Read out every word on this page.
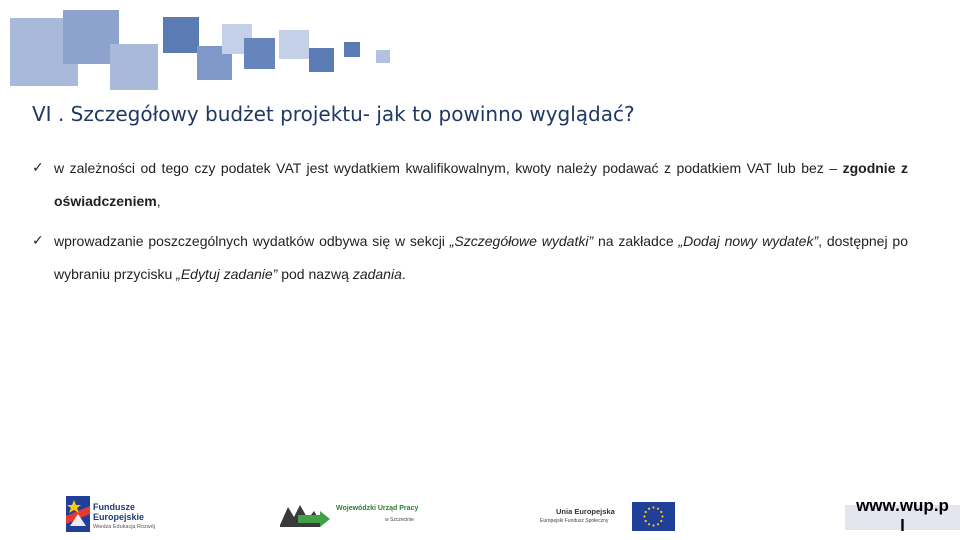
VI . Szczegółowy budżet projektu- jak to powinno wyglądać?
✓ w zależności od tego czy podatek VAT jest wydatkiem kwalifikowalnym, kwoty należy podawać z podatkiem VAT lub bez – zgodnie z oświadczeniem,
✓ wprowadzanie poszczególnych wydatków odbywa się w sekcji „Szczegółowe wydatki” na zakładce „Dodaj nowy wydatek”, dostępnej po wybraniu przycisku „Edytuj zadanie” pod nazwą zadania.
Fundusze
Europejskie
Wiedza Edukacja Rozwój
Wojewódzki Urząd Pracy
w Szczecinie
Unia Europejska
Europejski Fundusz Społeczny
www.wup.p
l
